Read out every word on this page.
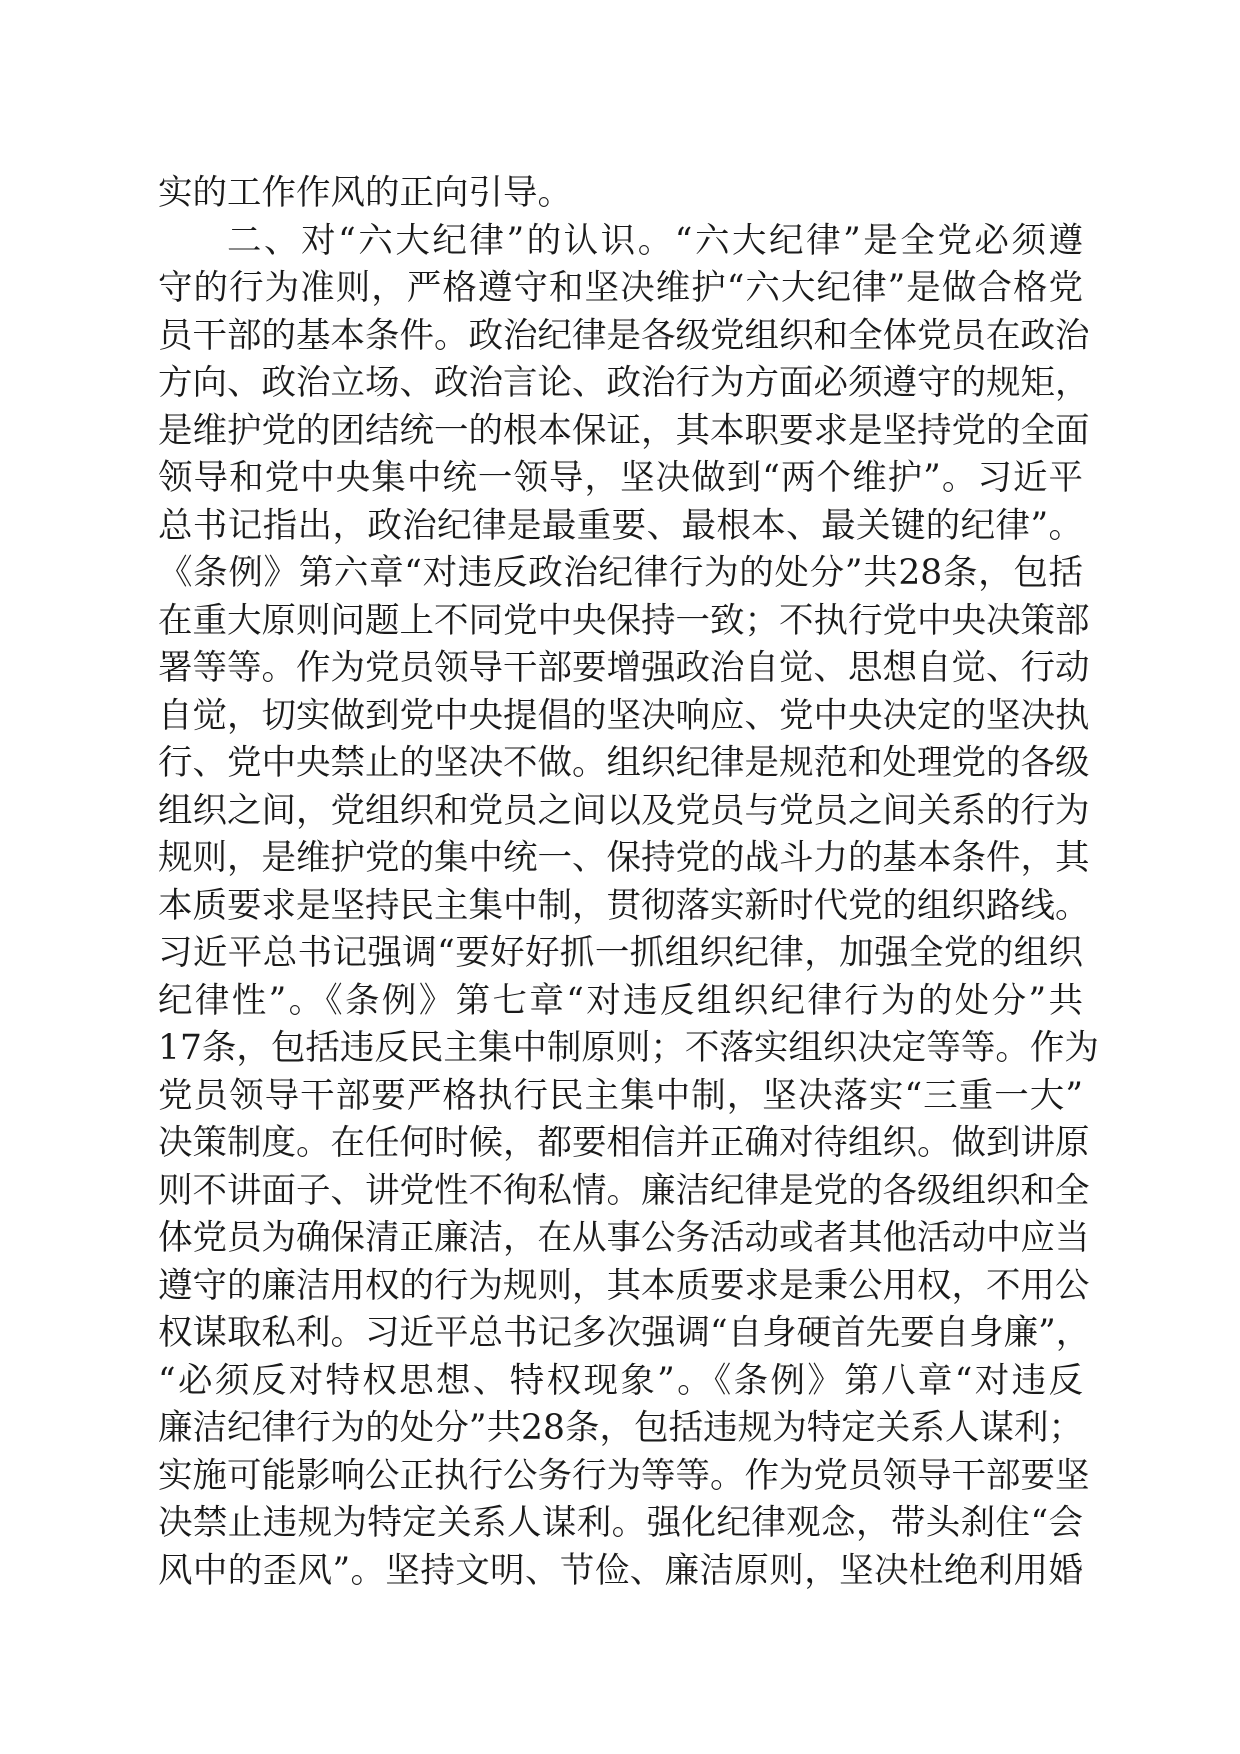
实的工作作风的正向引导。
二、对“六大纪律”的认识。“六大纪律”是全党必须遵
守的行为准则，严格遵守和坚决维护“六大纪律”是做合格党
员干部的基本条件。政治纪律是各级党组织和全体党员在政治
方向、政治立场、政治言论、政治行为方面必须遵守的规矩，
是维护党的团结统一的根本保证，其本职要求是坚持党的全面
领导和党中央集中统一领导，坚决做到“两个维护”。习近平
总书记指出，政治纪律是最重要、最根本、最关键的纪律”。
《条例》第六章“对违反政治纪律行为的处分”共28条，包括
在重大原则问题上不同党中央保持一致；不执行党中央决策部
署等等。作为党员领导干部要增强政治自觉、思想自觉、行动
自觉，切实做到党中央提倡的坚决响应、党中央决定的坚决执
行、党中央禁止的坚决不做。组织纪律是规范和处理党的各级
组织之间，党组织和党员之间以及党员与党员之间关系的行为
规则，是维护党的集中统一、保持党的战斗力的基本条件，其
本质要求是坚持民主集中制，贯彻落实新时代党的组织路线。
习近平总书记强调“要好好抓一抓组织纪律，加强全党的组织
纪律性”。《条例》第七章“对违反组织纪律行为的处分”共
17条，包括违反民主集中制原则；不落实组织决定等等。作为
党员领导干部要严格执行民主集中制，坚决落实“三重一大”
决策制度。在任何时候，都要相信并正确对待组织。做到讲原
则不讲面子、讲党性不徇私情。廉洁纪律是党的各级组织和全
体党员为确保清正廉洁，在从事公务活动或者其他活动中应当
遵守的廉洁用权的行为规则，其本质要求是秉公用权，不用公
权谋取私利。习近平总书记多次强调“自身硬首先要自身廉”，
“必须反对特权思想、特权现象”。《条例》第八章“对违反
廉洁纪律行为的处分”共28条，包括违规为特定关系人谋利；
实施可能影响公正执行公务行为等等。作为党员领导干部要坚
决禁止违规为特定关系人谋利。强化纪律观念，带头刹住“会
风中的歪风”。坚持文明、节俭、廉洁原则，坚决杜绝利用婚
